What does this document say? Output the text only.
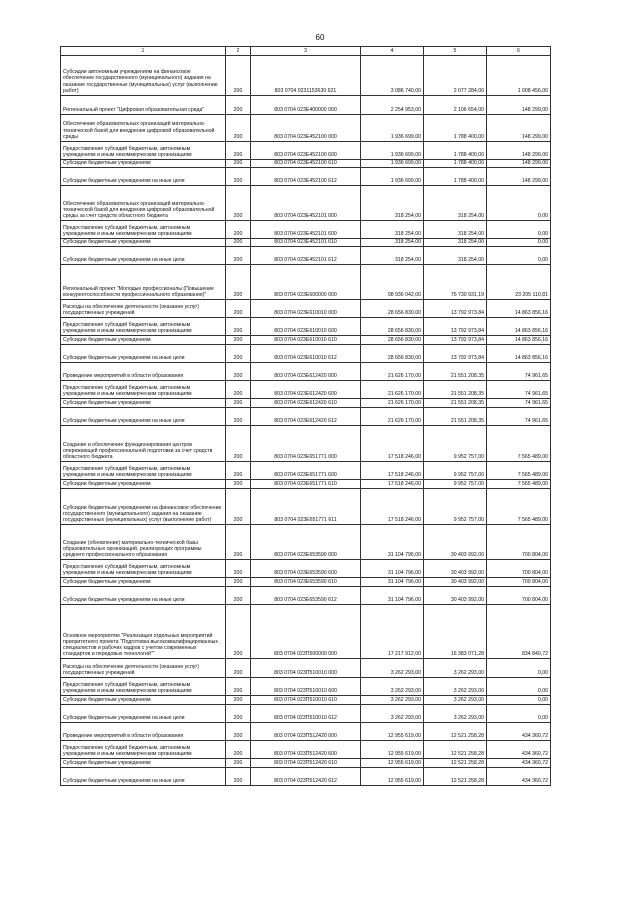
60
1	2	3	4	5	6
Субсидии автономным учреждениям на финансовое обеспечение государственного (муниципального) задания на оказание государственных (муниципальных) услуг (выполнение работ)	200	803 0704 0231153630 621	3 086 740,00	2 077 284,00	1 008 456,00
Региональный проект "Цифровая образовательная среда"	200	803 0704 023E400000 000	2 254 953,00	2 106 654,00	148 299,00
Обеспечение образовательных организаций материально-технической базой для внедрения цифровой образовательной среды	200	803 0704 023E452100 000	1 936 699,00	1 788 400,00	148 299,00
Предоставление субсидий бюджетным, автономным учреждениям и иным некоммерческим организациям	200	803 0704 023E452100 600	1 936 699,00	1 788 400,00	148 299,00
Субсидии бюджетным учреждениям	200	803 0704 023E452100 610	1 936 699,00	1 788 400,00	148 299,00
Субсидии бюджетным учреждениям на иные цели	200	803 0704 023E452100 612	1 936 699,00	1 788 400,00	148 299,00
Обеспечение образовательных организаций материально-технической базой для внедрения цифровой образовательной среды за счет средств областного бюджета	200	803 0704 023E452101 000	318 254,00	318 254,00	0,00
Предоставление субсидий бюджетным, автономным учреждениям и иным некоммерческим организациям	200	803 0704 023E452101 600	318 254,00	318 254,00	0,00
Субсидии бюджетным учреждениям	200	803 0704 023E452101 610	318 254,00	318 254,00	0,00
Субсидии бюджетным учреждениям на иные цели	200	803 0704 023E452101 612	318 254,00	318 254,00	0,00
Региональный проект "Молодые профессионалы (Повышение конкурентоспособности профессионального образования)"	200	803 0704 023E600000 000	98 936 042,00	75 730 931,19	23 205 110,81
Расходы на обеспечение деятельности (оказание услуг) государственных учреждений	200	803 0704 023E610010 000	28 656 830,00	13 792 973,84	14 863 856,16
Предоставление субсидий бюджетным, автономным учреждениям и иным некоммерческим организациям	200	803 0704 023E610010 600	28 656 830,00	13 792 973,84	14 863 856,16
Субсидии бюджетным учреждениям	200	803 0704 023E610010 610	28 656 830,00	13 792 973,84	14 863 856,16
Субсидии бюджетным учреждениям на иные цели	200	803 0704 023E610010 612	28 656 830,00	13 792 973,84	14 863 856,16
Проведение мероприятий в области образования	200	803 0704 023E612420 000	21 626 170,00	21 551 208,35	74 961,65
Предоставление субсидий бюджетным, автономным учреждениям и иным некоммерческим организациям	200	803 0704 023E612420 600	21 626 170,00	21 551 208,35	74 961,65
Субсидии бюджетным учреждениям	200	803 0704 023E612420 610	21 626 170,00	21 551 208,35	74 961,65
Субсидии бюджетным учреждениям на иные цели	200	803 0704 023E612420 612	21 626 170,00	21 551 208,35	74 961,65
Создание и обеспечение функционирования центров опережающей профессиональной подготовки за счет средств областного бюджета	200	803 0704 023E651771 000	17 518 246,00	9 952 757,00	7 565 489,00
Предоставление субсидий бюджетным, автономным учреждениям и иным некоммерческим организациям	200	803 0704 023E651771 600	17 518 246,00	9 952 757,00	7 565 489,00
Субсидии бюджетным учреждениям	200	803 0704 023E651771 610	17 518 246,00	9 952 757,00	7 565 489,00
Субсидии бюджетным учреждениям на финансовое обеспечение государственного (муниципального) задания на оказание государственных (муниципальных) услуг (выполнение работ)	200	803 0704 023E651771 611	17 518 246,00	9 952 757,00	7 565 489,00
Создание (обновление) материально-технической базы образовательных организаций, реализующих программы среднего профессионального образования	200	803 0704 023E653590 000	31 104 796,00	30 403 992,00	700 804,00
Предоставление субсидий бюджетным, автономным учреждениям и иным некоммерческим организациям	200	803 0704 023E653590 600	31 104 796,00	30 403 992,00	700 804,00
Субсидии бюджетным учреждениям	200	803 0704 023E653590 610	31 104 796,00	30 403 992,00	700 804,00
Субсидии бюджетным учреждениям на иные цели	200	803 0704 023E653590 612	31 104 796,00	30 403 992,00	700 804,00
Основное мероприятие "Реализация отдельных мероприятий приоритетного проекта "Подготовка высококвалифицированных специалистов и рабочих кадров с учетом современных стандартов и передовых технологий""	200	803 0704 023П500000 000	17 217 912,00	16 383 071,28	834 840,72
Расходы на обеспечение деятельности (оказание услуг) государственных учреждений	200	803 0704 023П510010 000	3 262 293,00	3 262 293,00	0,00
Предоставление субсидий бюджетным, автономным учреждениям и иным некоммерческим организациям	200	803 0704 023П510010 600	3 262 293,00	3 262 293,00	0,00
Субсидии бюджетным учреждениям	200	803 0704 023П510010 610	3 262 293,00	3 262 293,00	0,00
Субсидии бюджетным учреждениям на иные цели	200	803 0704 023П510010 612	3 262 293,00	3 262 293,00	0,00
Проведение мероприятий в области образования	200	803 0704 023П512420 000	12 955 619,00	12 521 258,28	434 360,72
Предоставление субсидий бюджетным, автономным учреждениям и иным некоммерческим организациям	200	803 0704 023П512420 600	12 955 619,00	12 521 258,28	434 360,72
Субсидии бюджетным учреждениям	200	803 0704 023П512420 610	12 955 619,00	12 521 258,28	434 360,72
Субсидии бюджетным учреждениям на иные цели	200	803 0704 023П512420 612	12 955 619,00	12 521 258,28	434 360,72
